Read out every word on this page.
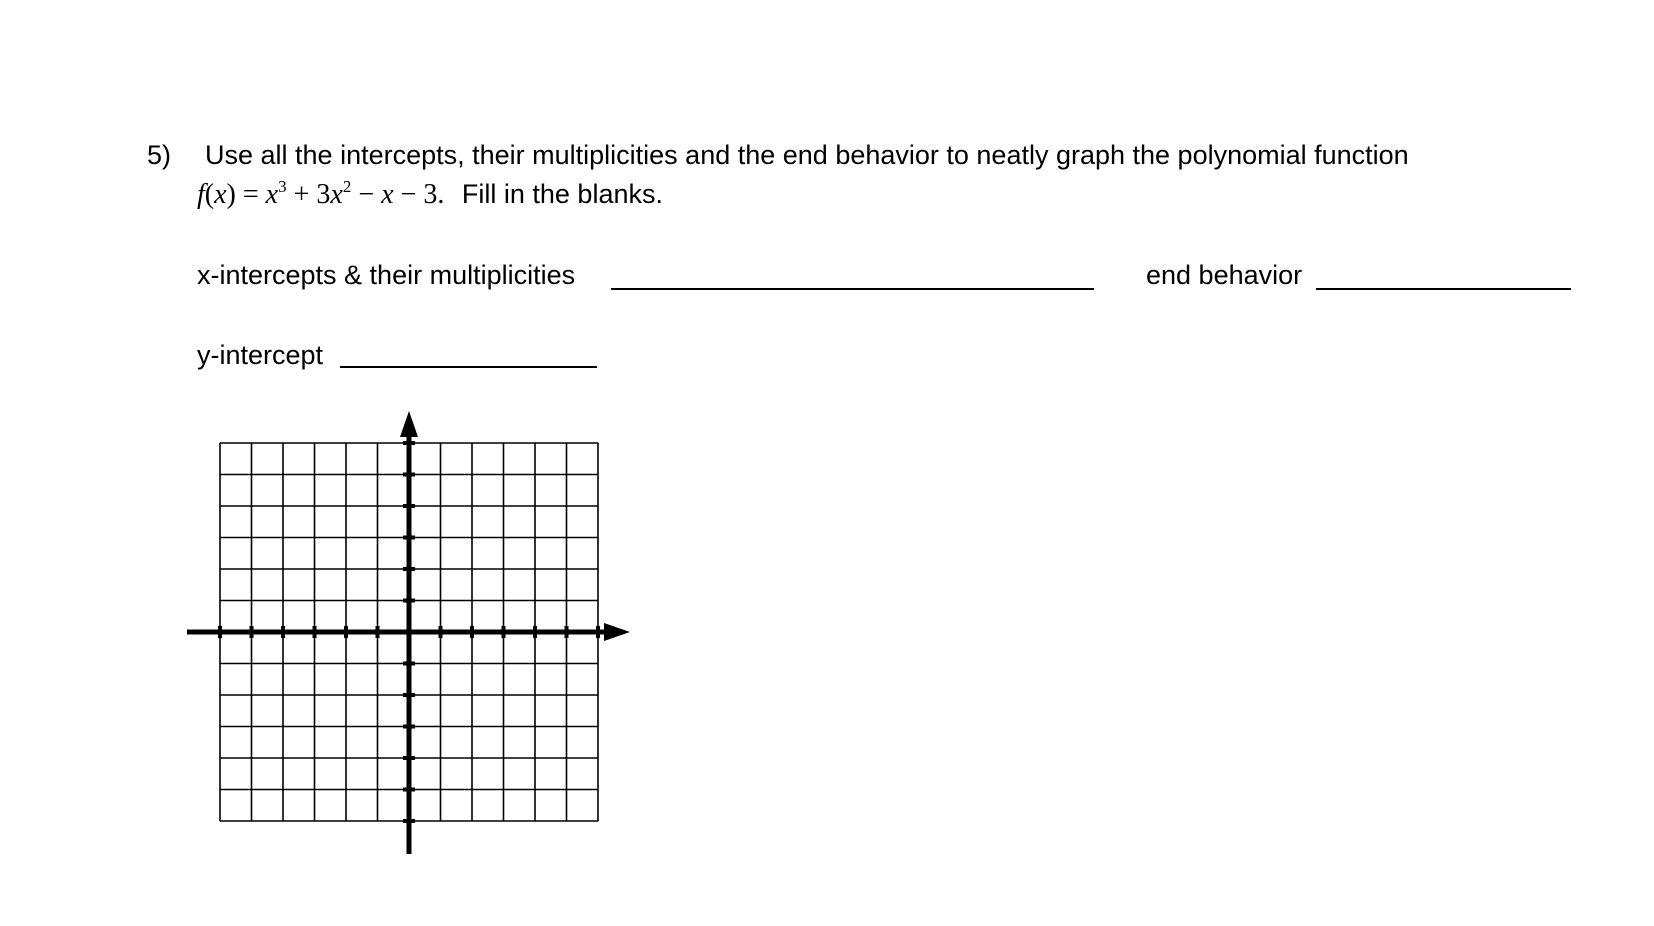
5) Use all the intercepts, their multiplicities and the end behavior to neatly graph the polynomial function
$f(x) = x^3 + 3x^2 - x - 3$. Fill in the blanks.
x-intercepts & their multiplicities	end behavior
y-intercept
